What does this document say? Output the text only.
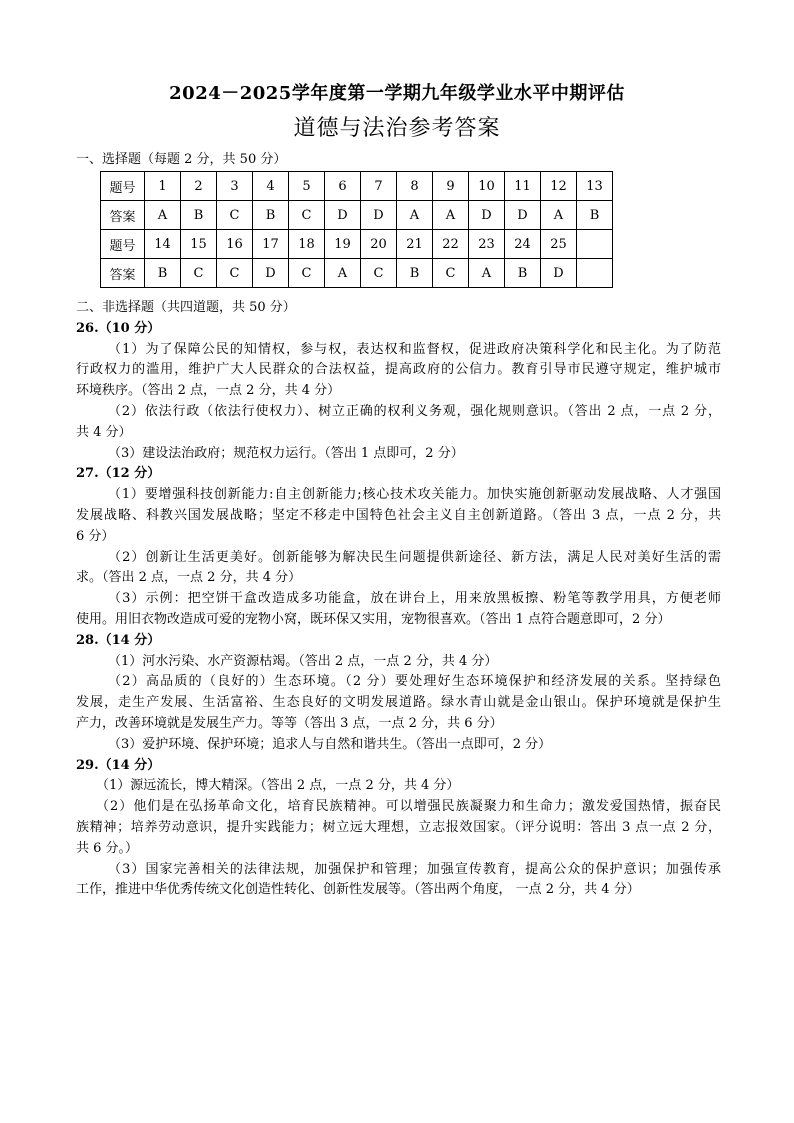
2024－2025学年度第一学期九年级学业水平中期评估
道德与法治参考答案
一、选择题（每题 2 分，共 50 分）
题号	1	2	3	4	5	6	7	8	9	10	11	12	13
答案	A	B	C	B	C	D	D	A	A	D	D	A	B
题号	14	15	16	17	18	19	20	21	22	23	24	25	
答案	B	C	C	D	C	A	C	B	C	A	B	D	
二、非选择题（共四道题，共 50 分）
26.（10 分）
（1）为了保障公民的知情权，参与权，表达权和监督权，促进政府决策科学化和民主化。为了防范
行政权力的滥用，维护广大人民群众的合法权益，提高政府的公信力。教育引导市民遵守规定，维护城市
环境秩序。（答出 2 点，一点 2 分，共 4 分）
（2）依法行政（依法行使权力）、树立正确的权利义务观，强化规则意识。（答出 2 点，一点 2 分，
共 4 分）
（3）建设法治政府；规范权力运行。（答出 1 点即可，2 分）
27.（12 分）
（1）要增强科技创新能力:自主创新能力;核心技术攻关能力。加快实施创新驱动发展战略、人才强国
发展战略、科教兴国发展战略；坚定不移走中国特色社会主义自主创新道路。（答出 3 点，一点 2 分，共
6 分）
（2）创新让生活更美好。创新能够为解决民生问题提供新途径、新方法，满足人民对美好生活的需
求。（答出 2 点，一点 2 分，共 4 分）
（3）示例：把空饼干盒改造成多功能盒，放在讲台上，用来放黑板擦、粉笔等教学用具，方便老师
使用。用旧衣物改造成可爱的宠物小窝，既环保又实用，宠物很喜欢。（答出 1 点符合题意即可，2 分）
28.（14 分）
（1）河水污染、水产资源枯竭。（答出 2 点，一点 2 分，共 4 分）
（2）高品质的（良好的）生态环境。（2 分）要处理好生态环境保护和经济发展的关系。坚持绿色
发展，走生产发展、生活富裕、生态良好的文明发展道路。绿水青山就是金山银山。保护环境就是保护生
产力，改善环境就是发展生产力。等等（答出 3 点，一点 2 分，共 6 分）
（3）爱护环境、保护环境；追求人与自然和谐共生。（答出一点即可，2 分）
29.（14 分）
（1）源远流长，博大精深。（答出 2 点，一点 2 分，共 4 分）
（2）他们是在弘扬革命文化，培育民族精神。可以增强民族凝聚力和生命力；激发爱国热情，振奋民
族精神；培养劳动意识，提升实践能力；树立远大理想，立志报效国家。（评分说明：答出 3 点一点 2 分，
共 6 分。）
（3）国家完善相关的法律法规，加强保护和管理；加强宣传教育，提高公众的保护意识；加强传承
工作，推进中华优秀传统文化创造性转化、创新性发展等。（答出两个角度， 一点 2 分，共 4 分）
